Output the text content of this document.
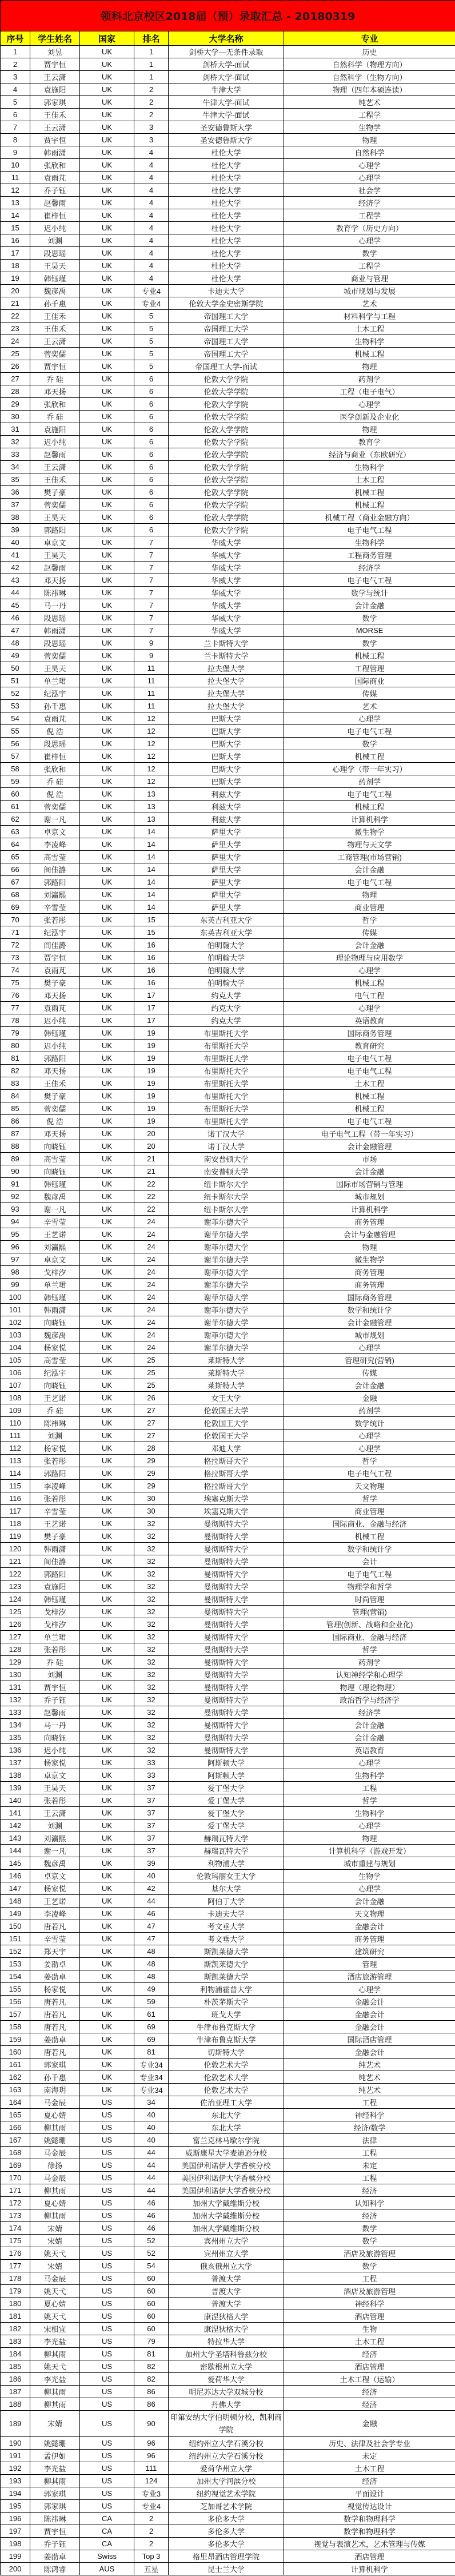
领科北京校区2018届（预）录取汇总 - 20180319					
序号	学生姓名	国家	排名	大学名称	专业
1	刘昱	UK	1	剑桥大学—无条件录取	历史
2	贾宇恒	UK	1	剑桥大学-面试	自然科学（物理方向）
3	王云潇	UK	1	剑桥大学-面试	自然科学（生物方向）
4	袁施阳	UK	2	牛津大学	物理（四年本硕连读）
5	郭家琪	UK	2	牛津大学-面试	纯艺术
6	王佳禾	UK	2	牛津大学-面试	工程学
7	王云潇	UK	3	圣安德鲁斯大学	生物学
8	贾宇恒	UK	3	圣安德鲁斯大学	物理
9	韩雨潇	UK	4	杜伦大学	自然科学
10	张欣和	UK	4	杜伦大学	心理学
11	袁雨芃	UK	4	杜伦大学	心理学
12	乔子钰	UK	4	杜伦大学	社会学
13	赵馨雨	UK	4	杜伦大学	经济学
14	崔梓恒	UK	4	杜伦大学	工程学
15	迟小纯	UK	4	杜伦大学	教育学（历史方向）
16	刘渊	UK	4	杜伦大学	心理学
17	段思瑶	UK	4	杜伦大学	数学
18	王昊天	UK	4	杜伦大学	工程学
19	韩钰瑾	UK	4	杜伦大学	商业与管理
20	魏彦禹	UK	专业4	卡迪夫大学	城市规划与发展
21	孙千惠	UK	专业4	伦敦大学金史密斯学院	艺术
22	王佳禾	UK	5	帝国理工大学	材料科学与工程
23	王佳禾	UK	5	帝国理工大学	土木工程
24	王云潇	UK	5	帝国理工大学	生物科学
25	菅奕儒	UK	5	帝国理工大学	机械工程
26	贾宇恒	UK	5	帝国理工大学-面试	物理
27	乔 硅	UK	6	伦敦大学学院	药剂学
28	邓天扬	UK	6	伦敦大学学院	工程（电子电气）
29	张欣和	UK	6	伦敦大学学院	心理学
30	乔 硅	UK	6	伦敦大学学院	医学创新及企业化
31	袁施阳	UK	6	伦敦大学学院	物理
32	迟小纯	UK	6	伦敦大学学院	教育学
33	赵馨雨	UK	6	伦敦大学学院	经济与商业（东欧研究）
34	王云潇	UK	6	伦敦大学学院	生物科学
35	王佳禾	UK	6	伦敦大学学院	土木工程
36	樊子豪	UK	6	伦敦大学学院	机械工程
37	菅奕儒	UK	6	伦敦大学学院	机械工程
38	王昊天	UK	6	伦敦大学学院	机械工程（商业金融方向）
39	郭路阳	UK	6	伦敦大学学院	电子电气工程
40	卓京文	UK	7	华威大学	生物科学
41	王昊天	UK	7	华威大学	工程商务管理
42	赵馨雨	UK	7	华威大学	经济学
43	邓天扬	UK	7	华威大学	电子电气工程
44	陈祎琳	UK	7	华威大学	数学与统计
45	马一丹	UK	7	华威大学	会计金融
46	段思瑶	UK	7	华威大学	数学
47	韩雨潇	UK	7	华威大学	MORSE
48	段思瑶	UK	9	兰卡斯特大学	数学
49	菅奕儒	UK	9	兰卡斯特大学	机械工程
50	王昊天	UK	11	拉夫堡大学	工程管理
51	单兰珺	UK	11	拉夫堡大学	国际商业
52	纪泓宇	UK	11	拉夫堡大学	传媒
53	孙千惠	UK	11	拉夫堡大学	艺术
54	袁雨芃	UK	12	巴斯大学	心理学
55	倪 浩	UK	12	巴斯大学	电子电气工程
56	段思瑶	UK	12	巴斯大学	数学
57	崔梓恒	UK	12	巴斯大学	机械工程
58	张欣和	UK	12	巴斯大学	心理学（带一年实习）
59	乔 硅	UK	12	巴斯大学	药剂学
60	倪 浩	UK	13	利兹大学	电子电气工程
61	菅奕儒	UK	13	利兹大学	机械工程
62	谢一凡	UK	13	利兹大学	计算机科学
63	卓京文	UK	14	萨里大学	微生物学
64	李凌峰	UK	14	萨里大学	物理与天文学
65	高雪莹	UK	14	萨里大学	工商管理(市场营销)
66	阎佳潞	UK	14	萨里大学	会计金融
67	郭路阳	UK	14	萨里大学	电子电气工程
68	刘瀛熙	UK	14	萨里大学	物理
69	辛雪莹	UK	14	萨里大学	商业管理
70	张若彤	UK	15	东英吉利亚大学	哲学
71	纪泓宇	UK	15	东英吉利亚大学	传媒
72	阎佳潞	UK	16	伯明翰大学	会计金融
73	贾宇恒	UK	16	伯明翰大学	理论物理与应用数学
74	袁雨芃	UK	16	伯明翰大学	心理学
75	樊子豪	UK	16	伯明翰大学	机械工程
76	邓天扬	UK	17	约克大学	电气工程
77	袁雨芃	UK	17	约克大学	心理学
78	迟小纯	UK	17	约克大学	英语教育
79	韩钰瑾	UK	19	布里斯托大学	国际商务管理
80	迟小纯	UK	19	布里斯托大学	教育研究
81	郭路阳	UK	19	布里斯托大学	电子电气工程
82	邓天扬	UK	19	布里斯托大学	电子电气工程
83	王佳禾	UK	19	布里斯托大学	土木工程
84	樊子豪	UK	19	布里斯托大学	机械工程
85	菅奕儒	UK	19	布里斯托大学	机械工程
86	倪 浩	UK	19	布里斯托大学	电子电气工程
87	邓天扬	UK	20	诺丁汉大学	电子电气工程（带一年实习）
88	向晓钰	UK	20	诺丁汉大学	会计金融管理
89	高雪莹	UK	21	南安普顿大学	市场
90	向晓钰	UK	21	南安普顿大学	会计金融
91	韩钰瑾	UK	22	纽卡斯尔大学	国际市场营销与管理
92	魏彦禹	UK	22	纽卡斯尔大学	城市规划
93	谢一凡	UK	22	纽卡斯尔大学	计算机科学
94	辛雪莹	UK	24	谢菲尔德大学	商务管理
95	王艺诺	UK	24	谢菲尔德大学	会计与金融管理
96	刘瀛熙	UK	24	谢菲尔德大学	物理
97	卓京文	UK	24	谢菲尔德大学	微生物学
98	戈梓汐	UK	24	谢菲尔德大学	商务管理
99	单兰珺	UK	24	谢菲尔德大学	商务管理
100	韩钰瑾	UK	24	谢菲尔德大学	国际商务管理
101	韩雨潇	UK	24	谢菲尔德大学	数学和统计学
102	向晓钰	UK	24	谢菲尔德大学	会计金融管理
103	魏彦禹	UK	24	谢菲尔德大学	城市规划
104	杨家悦	UK	24	谢菲尔德大学	心理学
105	高雪莹	UK	25	莱斯特大学	管理研究(营销)
106	纪泓宇	UK	25	莱斯特大学	传媒
107	向晓钰	UK	25	莱斯特大学	会计金融
108	王艺诺	UK	26	女王大学	金融
109	乔 硅	UK	27	伦敦国王大学	药剂学
110	陈祎琳	UK	27	伦敦国王大学	数学统计
111	刘渊	UK	27	伦敦国王大学	心理学
112	杨家悦	UK	28	邓迪大学	心理学
113	张若彤	UK	29	格拉斯哥大学	哲学
114	郭路阳	UK	29	格拉斯哥大学	电子电气工程
115	李凌峰	UK	29	格拉斯哥大学	天文物理
116	张若彤	UK	30	埃塞克斯大学	哲学
117	辛雪莹	UK	30	埃塞克斯大学	商业管理
118	王艺诺	UK	32	曼彻斯特大学	国际商业、金融与经济
119	樊子豪	UK	32	曼彻斯特大学	机械工程
120	韩雨潇	UK	32	曼彻斯特大学	数学和统计学
121	阎佳潞	UK	32	曼彻斯特大学	会计
122	郭路阳	UK	32	曼彻斯特大学	电子电气工程
123	袁施阳	UK	32	曼彻斯特大学	物理学和哲学
124	韩钰瑾	UK	32	曼彻斯特大学	时尚管理
125	戈梓汐	UK	32	曼彻斯特大学	管理(营销)
126	戈梓汐	UK	32	曼彻斯特大学	管理(创新、战略和企业化)
127	单兰珺	UK	32	曼彻斯特大学	国际商业、金融与经济
128	张若彤	UK	32	曼彻斯特大学	哲学
129	乔 硅	UK	32	曼彻斯特大学	药剂学
130	刘渊	UK	32	曼彻斯特大学	认知神经学和心理学
131	贾宇恒	UK	32	曼彻斯特大学	物理（理论物理）
132	乔子钰	UK	32	曼彻斯特大学	政治哲学与经济学
133	赵馨雨	UK	32	曼彻斯特大学	经济学
134	马一丹	UK	32	曼彻斯特大学	会计金融
135	向晓钰	UK	32	曼彻斯特大学	会计金融
136	迟小纯	UK	32	曼彻斯特大学	英语教育
137	杨家悦	UK	33	阿斯顿大学	心理学
138	卓京文	UK	33	阿斯顿大学	生物科学
139	王昊天	UK	37	爱丁堡大学	工程
140	张若彤	UK	37	爱丁堡大学	哲学
141	王云潇	UK	37	爱丁堡大学	生物科学
142	刘渊	UK	37	爱丁堡大学	心理学
143	刘瀛熙	UK	37	赫瑞瓦特大学	物理
144	谢一凡	UK	37	赫瑞瓦特大学	计算机科学（游戏开发）
145	魏彦禹	UK	39	利物浦大学	城市重建与规划
146	卓京文	UK	40	伦敦玛丽女王大学	生物学
147	杨家悦	UK	42	基尔大学	心理学
148	王艺诺	UK	44	阿伯丁大学	会计金融
149	李凌峰	UK	46	卡迪夫大学	天文物理
150	唐若凡	UK	47	考文垂大学	金融会计
151	辛雪莹	UK	47	考文垂大学	商务管理
152	郑天宇	UK	48	斯凯莱德大学	建筑研究
153	姜劭卓	UK	48	斯凯莱德大学	管理
154	姜劭卓	UK	48	斯凯莱德大学	酒店旅游管理
155	杨家悦	UK	49	利物浦霍普大学	心理学
156	唐若凡	UK	59	朴茨茅斯大学	金融会计
157	唐若凡	UK	61	班戈大学	金融会计
158	唐若凡	UK	69	牛津布鲁克斯大学	金融会计
159	姜劭卓	UK	69	牛津布鲁克斯大学	国际酒店管理
160	唐若凡	UK	81	切斯特大学	金融会计
161	郭家琪	UK	专业34	伦敦艺术大学	纯艺术
162	孙千惠	UK	专业34	伦敦艺术大学	纯艺术
163	南海玥	UK	专业34	伦敦艺术大学	纯艺术
164	马金辰	US	34	佐治亚理工大学	工程
165	夏心婧	US	40	东北大学	神经科学
166	柳其雨	US	40	东北大学	经济/数学
167	姚懿珊	US	40	富兰克林马歇尔学院	法律
168	马金辰	US	44	威斯康星大学麦迪逊分校	工程
169	徐扬	US	44	美国伊利诺伊大学香槟分校	未定
170	马金辰	US	44	美国伊利诺伊大学香槟分校	工程
171	柳其雨	US	44	美国伊利诺伊大学香槟分校	经济
172	夏心婧	US	46	加州大学戴维斯分校	认知科学
173	柳其雨	US	46	加州大学戴维斯分校	经济
174	宋婧	US	46	加州大学戴维斯分校	数学
175	宋婧	US	52	宾州州立大学	数学
176	姚天弋	US	52	宾州州立大学	酒店及旅游管理
177	宋婧	US	54	俄亥俄州立大学	数学
178	马金辰	US	60	普渡大学	工程
179	姚天弋	US	60	普渡大学	酒店及旅游管理
180	夏心婧	US	60	普渡大学	神经科学
181	姚天弋	US	60	康涅狄格大学	酒店管理
182	宋相宜	US	60	康涅狄格大学	生物
183	李光盐	US	79	特拉华大学	土木工程
184	柳其雨	US	81	加州大学圣塔科鲁兹分校	经济
185	姚天弋	US	82	密歇根州立大学	酒店管理
186	李光盐	US	82	爱荷华大学	土木工程（运输）
187	柳其雨	US	86	明尼苏达大学双城分校	经济
188	柳其雨	US	86	丹佛大学	经济
189	宋婧	US	90	印第安纳大学伯明顿分校，凯利商学院	金融
190	姚懿珊	US	96	纽约州立大学石溪分校	历史、法律及社会学专业
191	孟伊如	US	96	纽约州立大学石溪分校	未定
192	李光盐	US	111	爱荷华州立大学	土木工程
193	柳其雨	US	124	加州大学河滨分校	经济
194	郭家琪	US	专业3	纽约视觉艺术学院	平面设计
195	郭家琪	US	专业4	芝加哥艺术学院	视觉传达设计
196	陈祎琳	CA	2	多伦多大学	数学和物理科学
197	贾宇恒	CA	2	多伦多大学	数学和物理科学
198	乔子钰	CA	2	多伦多大学	视觉与表演艺术，艺术管理与传媒
199	姜劭卓	Swiss	Top 3	格里昂酒店管理学院	酒店管理
200	陈鸿睿	AUS	五星	昆士兰大学	计算机科学
